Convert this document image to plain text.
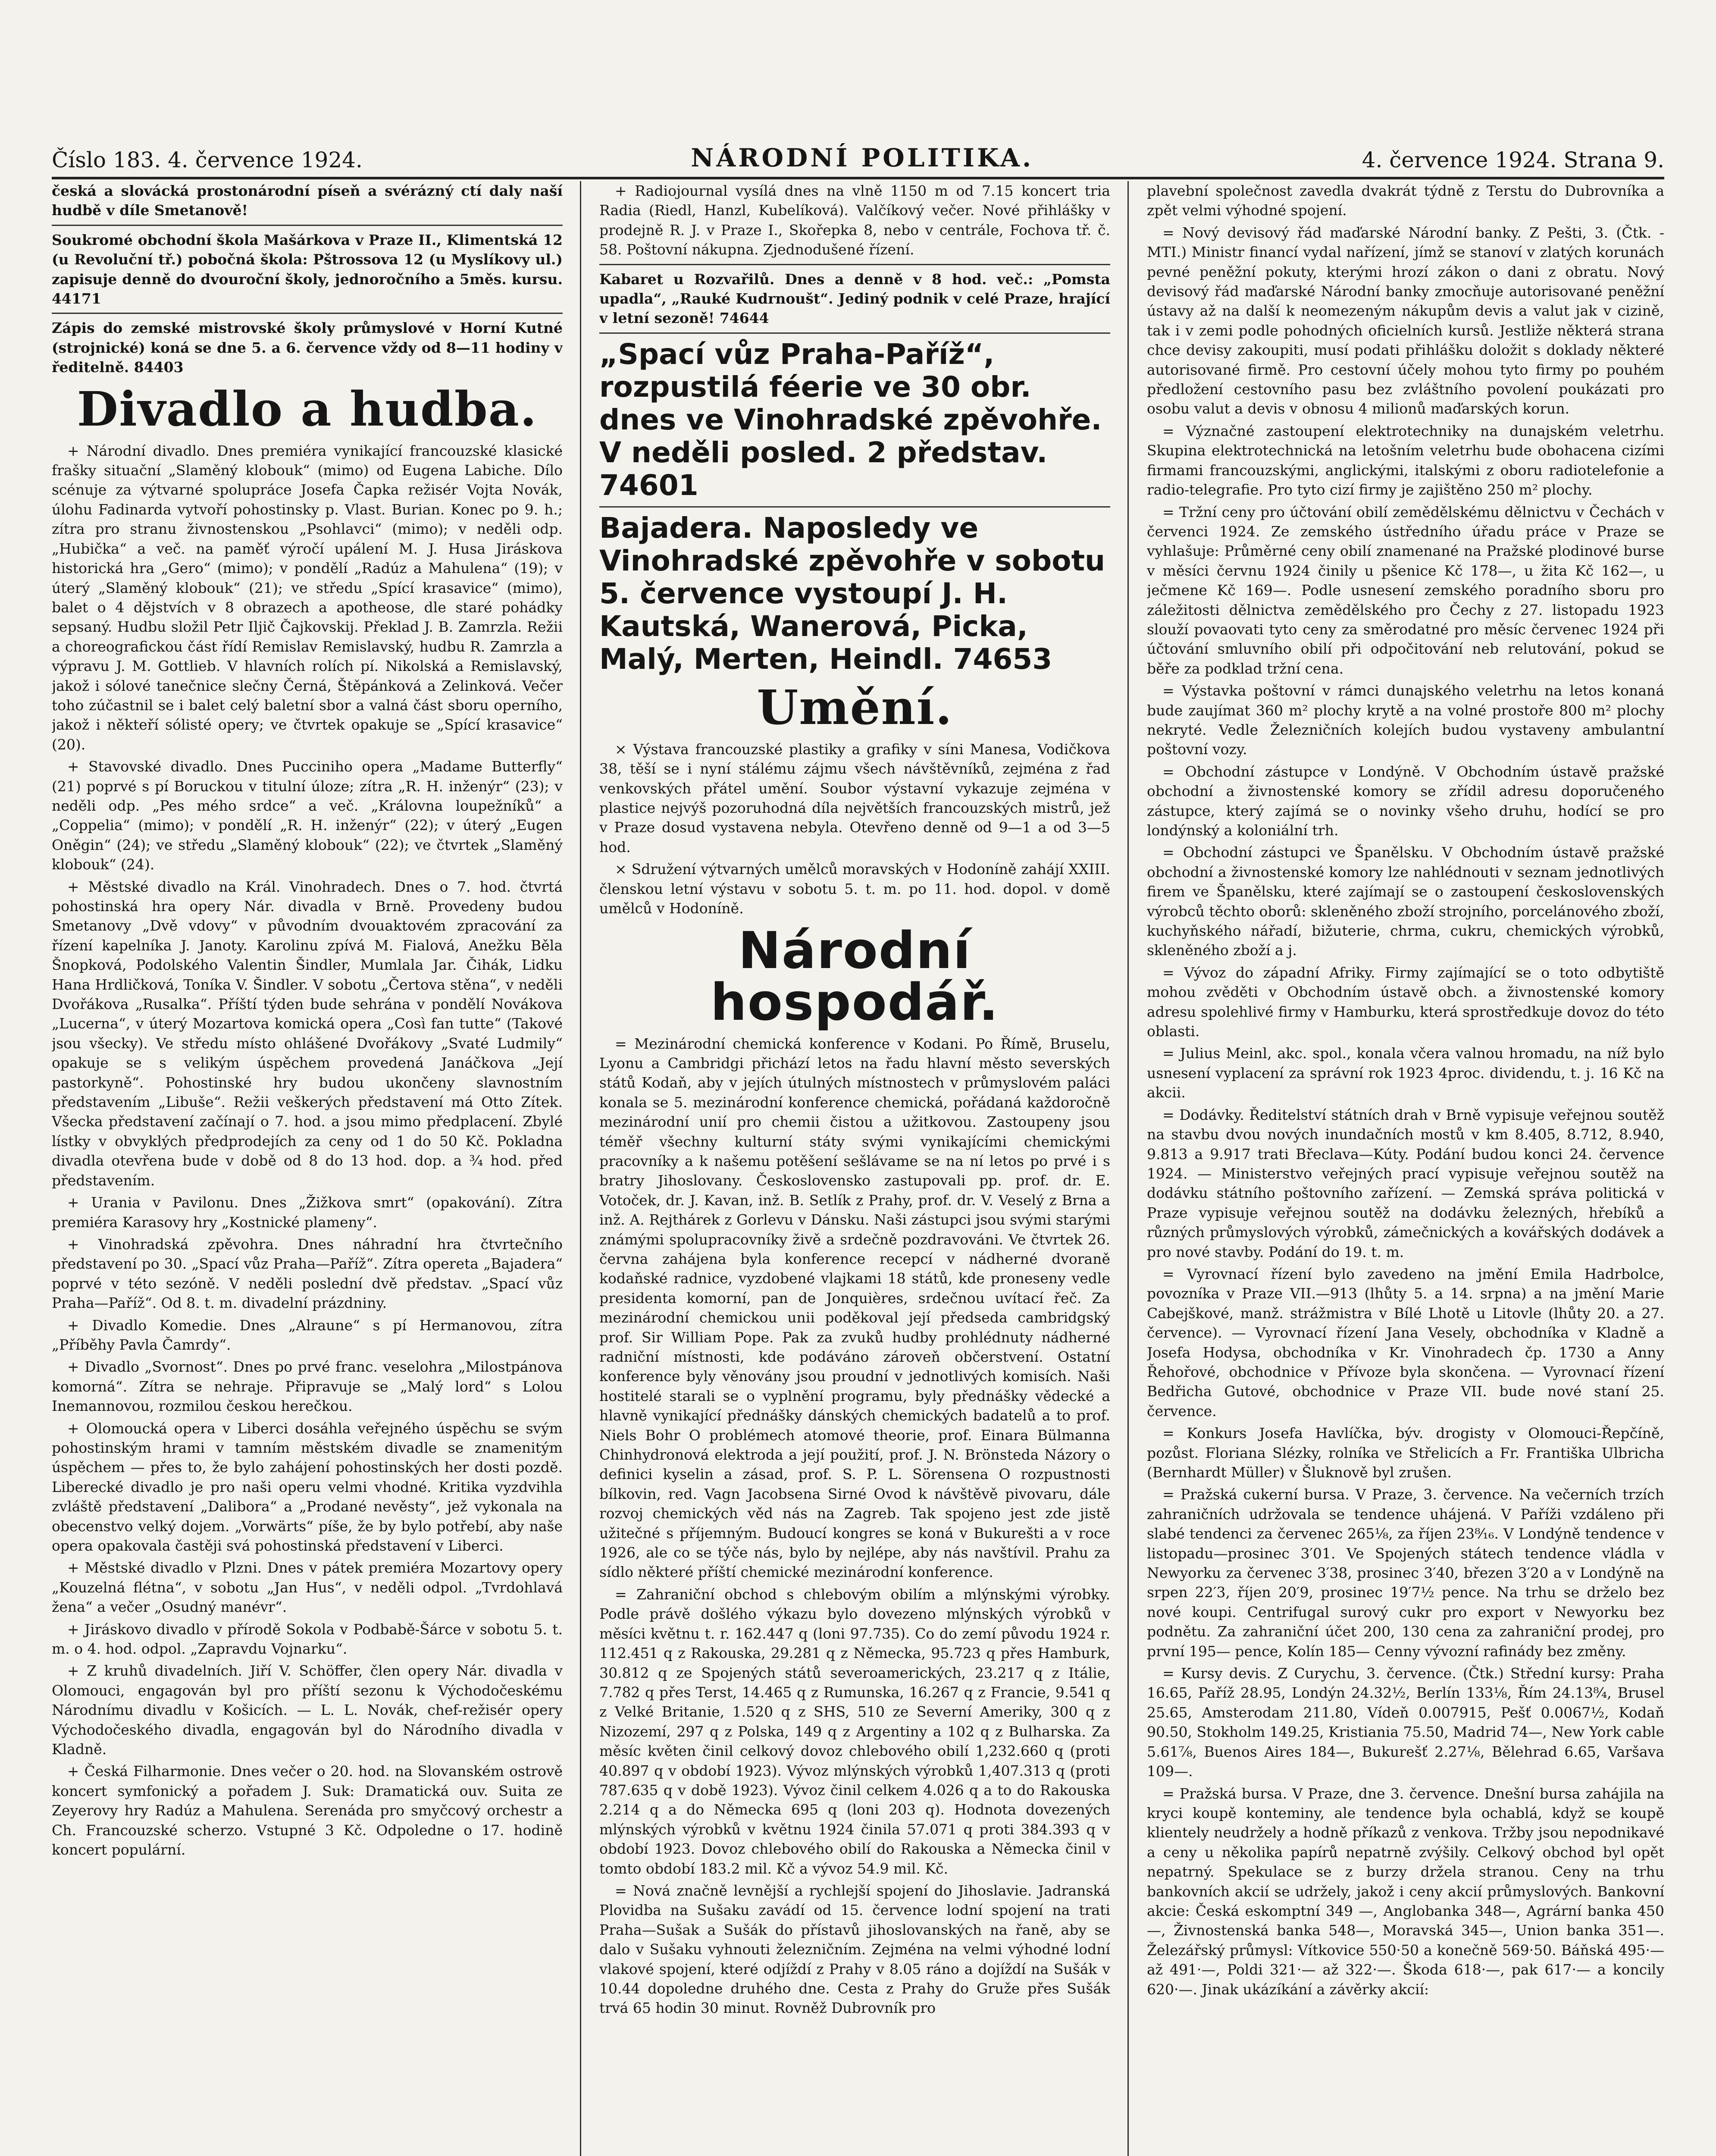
Číslo 183. 4. července 1924.	NÁRODNÍ POLITIKA.	4. července 1924. Strana 9.

česká a slovácká prostonárodní píseň a svérázný ctí daly naší hudbě v díle Smetanově!

Soukromé obchodní škola Mašárkova v Praze II., Klimentská 12 (u Revoluční tř.) pobočná škola: Pštrossova 12 (u Myslíkovy ul.) zapisuje denně do dvouroční školy, jednoročního a 5měs. kursu. 44171

Zápis do zemské mistrovské školy průmyslové v Horní Kutné (strojnické) koná se dne 5. a 6. července vždy od 8—11 hodiny v ředitelně. 84403

Divadlo a hudba.

+ Národní divadlo. Dnes premiéra vynikající francouzské klasické frašky situační „Slaměný klobouk“ (mimo) od Eugena Labiche. Dílo scénuje za výtvarné spolupráce Josefa Čapka režisér Vojta Novák, úlohu Fadinarda vytvoří pohostinsky p. Vlast. Burian. Konec po 9. h.; zítra pro stranu živnostenskou „Psohlavci“ (mimo); v neděli odp. „Hubička“ a več. na paměť výročí upálení M. J. Husa Jiráskova historická hra „Gero“ (mimo); v pondělí „Radúz a Mahulena“ (19); v úterý „Slaměný klobouk“ (21); ve středu „Spící krasavice“ (mimo), balet o 4 dějstvích v 8 obrazech a apotheose, dle staré pohádky sepsaný. Hudbu složil Petr Iljič Čajkovskij. Překlad J. B. Zamrzla. Režii a choreografickou část řídí Remislav Remislavský, hudbu R. Zamrzla a výpravu J. M. Gottlieb. V hlavních rolích pí. Nikolská a Remislavský, jakož i sólové tanečnice slečny Černá, Štěpánková a Zelinková. Večer toho zúčastnil se i balet celý baletní sbor a valná část sboru operního, jakož i někteří sólisté opery; ve čtvrtek opakuje se „Spící krasavice“ (20).

+ Stavovské divadlo. Dnes Pucciniho opera „Madame Butterfly“ (21) poprvé s pí Boruckou v titulní úloze; zítra „R. H. inženýr“ (23); v neděli odp. „Pes mého srdce“ a več. „Královna loupežníků“ a „Coppelia“ (mimo); v pondělí „R. H. inženýr“ (22); v úterý „Eugen Oněgin“ (24); ve středu „Slaměný klobouk“ (22); ve čtvrtek „Slaměný klobouk“ (24).

+ Městské divadlo na Král. Vinohradech. Dnes o 7. hod. čtvrtá pohostinská hra opery Nár. divadla v Brně. Provedeny budou Smetanovy „Dvě vdovy“ v původním dvouaktovém zpracování za řízení kapelníka J. Janoty. Karolinu zpívá M. Fialová, Anežku Běla Šnopková, Podolského Valentin Šindler, Mumlala Jar. Čihák, Lidku Hana Hrdličková, Toníka V. Šindler. V sobotu „Čertova stěna“, v neděli Dvořákova „Rusalka“. Příští týden bude sehrána v pondělí Novákova „Lucerna“, v úterý Mozartova komická opera „Così fan tutte“ (Takové jsou všecky). Ve středu místo ohlášené Dvořákovy „Svaté Ludmily“ opakuje se s velikým úspěchem provedená Janáčkova „Její pastorkyně“. Pohostinské hry budou ukončeny slavnostním představením „Libuše“. Režii veškerých představení má Otto Zítek. Všecka představení začínají o 7. hod. a jsou mimo předplacení. Zbylé lístky v obvyklých předprodejích za ceny od 1 do 50 Kč. Pokladna divadla otevřena bude v době od 8 do 13 hod. dop. a ¾ hod. před představením.

+ Urania v Pavilonu. Dnes „Žižkova smrt“ (opakování). Zítra premiéra Karasovy hry „Kostnické plameny“.

+ Vinohradská zpěvohra. Dnes náhradní hra čtvrtečního představení po 30. „Spací vůz Praha—Paříž“. Zítra opereta „Bajadera“ poprvé v této sezóně. V neděli poslední dvě představ. „Spací vůz Praha—Paříž“. Od 8. t. m. divadelní prázdniny.

+ Divadlo Komedie. Dnes „Alraune“ s pí Hermanovou, zítra „Příběhy Pavla Čamrdy“.

+ Divadlo „Svornost“. Dnes po prvé franc. veselohra „Milostpánova komorná“. Zítra se nehraje. Připravuje se „Malý lord“ s Lolou Inemannovou, rozmilou českou herečkou.

+ Olomoucká opera v Liberci dosáhla veřejného úspěchu se svým pohostinským hrami v tamním městském divadle se znamenitým úspěchem — přes to, že bylo zahájení pohostinských her dosti pozdě. Liberecké divadlo je pro naši operu velmi vhodné. Kritika vyzdvihla zvláště představení „Dalibora“ a „Prodané nevěsty“, jež vykonala na obecenstvo velký dojem. „Vorwärts“ píše, že by bylo potřebí, aby naše opera opakovala častěji svá pohostinská představení v Liberci.

+ Městské divadlo v Plzni. Dnes v pátek premiéra Mozartovy opery „Kouzelná flétna“, v sobotu „Jan Hus“, v neděli odpol. „Tvrdohlavá žena“ a večer „Osudný manévr“.

+ Jiráskovo divadlo v přírodě Sokola v Podbabě-Šárce v sobotu 5. t. m. o 4. hod. odpol. „Zapravdu Vojnarku“.

+ Z kruhů divadelních. Jiří V. Schöffer, člen opery Nár. divadla v Olomouci, engagován byl pro příští sezonu k Východočeskému Národnímu divadlu v Košicích. — L. L. Novák, chef-režisér opery Východočeského divadla, engagován byl do Národního divadla v Kladně.

+ Česká Filharmonie. Dnes večer o 20. hod. na Slovanském ostrově koncert symfonický a pořadem J. Suk: Dramatická ouv. Suita ze Zeyerovy hry Radúz a Mahulena. Serenáda pro smyčcový orchestr a Ch. Francouzské scherzo. Vstupné 3 Kč. Odpoledne o 17. hodině koncert populární.

+ Radiojournal vysílá dnes na vlně 1150 m od 7.15 koncert tria Radia (Riedl, Hanzl, Kubelíková). Valčíkový večer. Nové přihlášky v prodejně R. J. v Praze I., Skořepka 8, nebo v centrále, Fochova tř. č. 58. Poštovní nákupna. Zjednodušené řízení.

Kabaret u Rozvařilů. Dnes a denně v 8 hod. več.: „Pomsta upadla“, „Rauké Kudrnoušt“. Jediný podnik v celé Praze, hrající v letní sezoně! 74644

„Spací vůz Praha-Paříž“, rozpustilá féerie ve 30 obr. dnes ve Vinohradské zpěvohře. V neděli posled. 2 představ. 74601

Bajadera. Naposledy ve Vinohradské zpěvohře v sobotu 5. července vystoupí J. H. Kautská, Wanerová, Picka, Malý, Merten, Heindl. 74653

Umění.

× Výstava francouzské plastiky a grafiky v síni Manesa, Vodičkova 38, těší se i nyní stálému zájmu všech návštěvníků, zejména z řad venkovských přátel umění. Soubor výstavní vykazuje zejména v plastice nejvýš pozoruhodná díla největších francouzských mistrů, jež v Praze dosud vystavena nebyla. Otevřeno denně od 9—1 a od 3—5 hod.

× Sdružení výtvarných umělců moravských v Hodoníně zahájí XXIII. členskou letní výstavu v sobotu 5. t. m. po 11. hod. dopol. v domě umělců v Hodoníně.

Národní hospodář.

= Mezinárodní chemická konference v Kodani. Po Římě, Bruselu, Lyonu a Cambridgi přichází letos na řadu hlavní město severských států Kodaň, aby v jejích útulných místnostech v průmyslovém paláci konala se 5. mezinárodní konference chemická, pořádaná každoročně mezinárodní unií pro chemii čistou a užitkovou. Zastoupeny jsou téměř všechny kulturní státy svými vynikajícími chemickými pracovníky a k našemu potěšení sešlávame se na ní letos po prvé i s bratry Jihoslovany. Československo zastupovali pp. prof. dr. E. Votoček, dr. J. Kavan, inž. B. Setlík z Prahy, prof. dr. V. Veselý z Brna a inž. A. Rejthárek z Gorlevu v Dánsku. Naši zástupci jsou svými starými známými spolupracovníky živě a srdečně pozdravováni. Ve čtvrtek 26. června zahájena byla konference recepcí v nádherné dvoraně kodaňské radnice, vyzdobené vlajkami 18 států, kde proneseny vedle presidenta komorní, pan de Jonquières, srdečnou uvítací řeč. Za mezinárodní chemickou unii poděkoval její předseda cambridgský prof. Sir William Pope. Pak za zvuků hudby prohlédnuty nádherné radniční místnosti, kde podáváno zároveň občerstvení. Ostatní konference byly věnovány jsou proudní v jednotlivých komisích. Naši hostitelé starali se o vyplnění programu, byly přednášky vědecké a hlavně vynikající přednášky dánských chemických badatelů a to prof. Niels Bohr O problémech atomové theorie, prof. Einara Bülmanna Chinhydronová elektroda a její použití, prof. J. N. Brönsteda Názory o definici kyselin a zásad, prof. S. P. L. Sörensena O rozpustnosti bílkovin, red. Vagn Jacobsena Sirné Ovod k návštěvě pivovaru, dále rozvoj chemických věd nás na Zagreb. Tak spojeno jest zde jistě užitečné s příjemným. Budoucí kongres se koná v Bukurešti a v roce 1926, ale co se týče nás, bylo by nejlépe, aby nás navštívil. Prahu za sídlo některé příští chemické mezinárodní konference.

= Zahraniční obchod s chlebovým obilím a mlýnskými výrobky. Podle právě došlého výkazu bylo dovezeno mlýnských výrobků v měsíci květnu t. r. 162.447 q (loni 97.735). Co do zemí původu 1924 r. 112.451 q z Rakouska, 29.281 q z Německa, 95.723 q přes Hamburk, 30.812 q ze Spojených států severoamerických, 23.217 q z Itálie, 7.782 q přes Terst, 14.465 q z Rumunska, 16.267 q z Francie, 9.541 q z Velké Britanie, 1.520 q z SHS, 510 ze Severní Ameriky, 300 q z Nizozemí, 297 q z Polska, 149 q z Argentiny a 102 q z Bulharska. Za měsíc květen činil celkový dovoz chlebového obilí 1,232.660 q (proti 40.897 q v období 1923). Vývoz mlýnských výrobků 1,407.313 q (proti 787.635 q v době 1923). Vývoz činil celkem 4.026 q a to do Rakouska 2.214 q a do Německa 695 q (loni 203 q). Hodnota dovezených mlýnských výrobků v květnu 1924 činila 57.071 q proti 384.393 q v období 1923. Dovoz chlebového obilí do Rakouska a Německa činil v tomto období 183.2 mil. Kč a vývoz 54.9 mil. Kč.

= Nová značně levnější a rychlejší spojení do Jihoslavie. Jadranská Plovidba na Sušaku zavádí od 15. července lodní spojení na trati Praha—Sušak a Sušák do přístavů jihoslovanských na řaně, aby se dalo v Sušaku vyhnouti železničním. Zejména na velmi výhodné lodní vlakové spojení, které odjíždí z Prahy v 8.05 ráno a dojíždí na Sušák v 10.44 dopoledne druhého dne. Cesta z Prahy do Gruže přes Sušák trvá 65 hodin 30 minut. Rovněž Dubrovník pro

plavební společnost zavedla dvakrát týdně z Terstu do Dubrovníka a zpět velmi výhodné spojení.

= Nový devisový řád maďarské Národní banky. Z Pešti, 3. (Čtk. - MTI.) Ministr financí vydal nařízení, jímž se stanoví v zlatých korunách pevné peněžní pokuty, kterými hrozí zákon o dani z obratu. Nový devisový řád maďarské Národní banky zmocňuje autorisované peněžní ústavy až na další k neomezeným nákupům devis a valut jak v cizině, tak i v zemi podle pohodných oficielních kursů. Jestliže některá strana chce devisy zakoupiti, musí podati přihlášku doložit s doklady některé autorisované firmě. Pro cestovní účely mohou tyto firmy po pouhém předložení cestovního pasu bez zvláštního povolení poukázati pro osobu valut a devis v obnosu 4 milionů maďarských korun.

= Význačné zastoupení elektrotechniky na dunajském veletrhu. Skupina elektrotechnická na letošním veletrhu bude obohacena cizími firmami francouzskými, anglickými, italskými z oboru radiotelefonie a radio-telegrafie. Pro tyto cizí firmy je zajištěno 250 m² plochy.

= Tržní ceny pro účtování obilí zemědělskému dělnictvu v Čechách v červenci 1924. Ze zemského ústředního úřadu práce v Praze se vyhlašuje: Průměrné ceny obilí znamenané na Pražské plodinové burse v měsíci červnu 1924 činily u pšenice Kč 178—, u žita Kč 162—, u ječmene Kč 169—. Podle usnesení zemského poradního sboru pro záležitosti dělnictva zemědělského pro Čechy z 27. listopadu 1923 slouží povaovati tyto ceny za směrodatné pro měsíc červenec 1924 při účtování smluvního obilí při odpočitování neb relutování, pokud se běře za podklad tržní cena.

= Výstavka poštovní v rámci dunajského veletrhu na letos konaná bude zaujímat 360 m² plochy krytě a na volné prostoře 800 m² plochy nekryté. Vedle Železničních kolejích budou vystaveny ambulantní poštovní vozy.

= Obchodní zástupce v Londýně. V Obchodním ústavě pražské obchodní a živnostenské komory se zřídil adresu doporučeného zástupce, který zajímá se o novinky všeho druhu, hodící se pro londýnský a koloniální trh.

= Obchodní zástupci ve Španělsku. V Obchodním ústavě pražské obchodní a živnostenské komory lze nahlédnouti v seznam jednotlivých firem ve Španělsku, které zajímají se o zastoupení československých výrobců těchto oborů: skleněného zboží strojního, porcelánového zboží, kuchyňského nářadí, bižuterie, chrma, cukru, chemických výrobků, skleněného zboží a j.

= Vývoz do západní Afriky. Firmy zajímající se o toto odbytiště mohou zvěděti v Obchodním ústavě obch. a živnostenské komory adresu spolehlivé firmy v Hamburku, která sprostředkuje dovoz do této oblasti.

= Julius Meinl, akc. spol., konala včera valnou hromadu, na níž bylo usnesení vyplacení za správní rok 1923 4proc. dividendu, t. j. 16 Kč na akcii.

= Dodávky. Ředitelství státních drah v Brně vypisuje veřejnou soutěž na stavbu dvou nových inundačních mostů v km 8.405, 8.712, 8.940, 9.813 a 9.917 trati Břeclava—Kúty. Podání budou konci 24. července 1924. — Ministerstvo veřejných prací vypisuje veřejnou soutěž na dodávku státního poštovního zařízení. — Zemská správa politická v Praze vypisuje veřejnou soutěž na dodávku železných, hřebíků a různých průmyslových výrobků, zámečnických a kovářských dodávek a pro nové stavby. Podání do 19. t. m.

= Vyrovnací řízení bylo zavedeno na jmění Emila Hadrbolce, povozníka v Praze VII.—913 (lhůty 5. a 14. srpna) a na jmění Marie Cabejškové, manž. strážmistra v Bílé Lhotě u Litovle (lhůty 20. a 27. července). — Vyrovnací řízení Jana Vesely, obchodníka v Kladně a Josefa Hodysa, obchodníka v Kr. Vinohradech čp. 1730 a Anny Řehořové, obchodnice v Přívoze byla skončena. — Vyrovnací řízení Bedřicha Gutové, obchodnice v Praze VII. bude nové staní 25. července.

= Konkurs Josefa Havlíčka, býv. drogisty v Olomouci-Řepčíně, pozůst. Floriana Slézky, rolníka ve Střelicích a Fr. Františka Ulbricha (Bernhardt Müller) v Šluknově byl zrušen.

= Pražská cukerní bursa. V Praze, 3. července. Na večerních trzích zahraničních udržovala se tendence uhájená. V Paříži vzdáleno při slabé tendenci za červenec 265⅛, za říjen 23⁸⁄₁₆. V Londýně tendence v listopadu—prosinec 3′01. Ve Spojených státech tendence vládla v Newyorku za červenec 3′38, prosinec 3′40, březen 3′20 a v Londýně na srpen 22′3, říjen 20′9, prosinec 19′7½ pence. Na trhu se drželo bez nové koupi. Centrifugal surový cukr pro export v Newyorku bez podnětu. Za zahraniční účet 200, 130 cena za zahraniční prodej, pro první 195— pence, Kolín 185— Cenny vývozní rafinády bez změny.

= Kursy devis. Z Curychu, 3. července. (Čtk.) Střední kursy: Praha 16.65, Paříž 28.95, Londýn 24.32½, Berlín 133⅛, Řím 24.13⁸⁄₄, Brusel 25.65, Amsterodam 211.80, Vídeň 0.007915, Pešť 0.0067½, Kodaň 90.50, Stokholm 149.25, Kristiania 75.50, Madrid 74—, New York cable 5.61⅞, Buenos Aires 184—, Bukurešť 2.27⅛, Bělehrad 6.65, Varšava 109—.

= Pražská bursa. V Praze, dne 3. července. Dnešní bursa zahájila na kryci koupě konteminy, ale tendence byla ochablá, když se koupě klientely neudržely a hodně příkazů z venkova. Tržby jsou nepodnikavé a ceny u několika papírů nepatrně zvýšily. Celkový obchod byl opět nepatrný. Spekulace se z burzy držela stranou. Ceny na trhu bankovních akcií se udržely, jakož i ceny akcií průmyslových. Bankovní akcie: Česká eskomptní 349 —, Anglobanka 348—, Agrární banka 450—, Živnostenská banka 548—, Moravská 345—, Union banka 351—. Železářský průmysl: Vítkovice 550·50 a konečně 569·50. Báňská 495·— až 491·—, Poldi 321·— až 322·—. Škoda 618·—, pak 617·— a koncily 620·—. Jinak ukázíkání a závěrky akcií:
